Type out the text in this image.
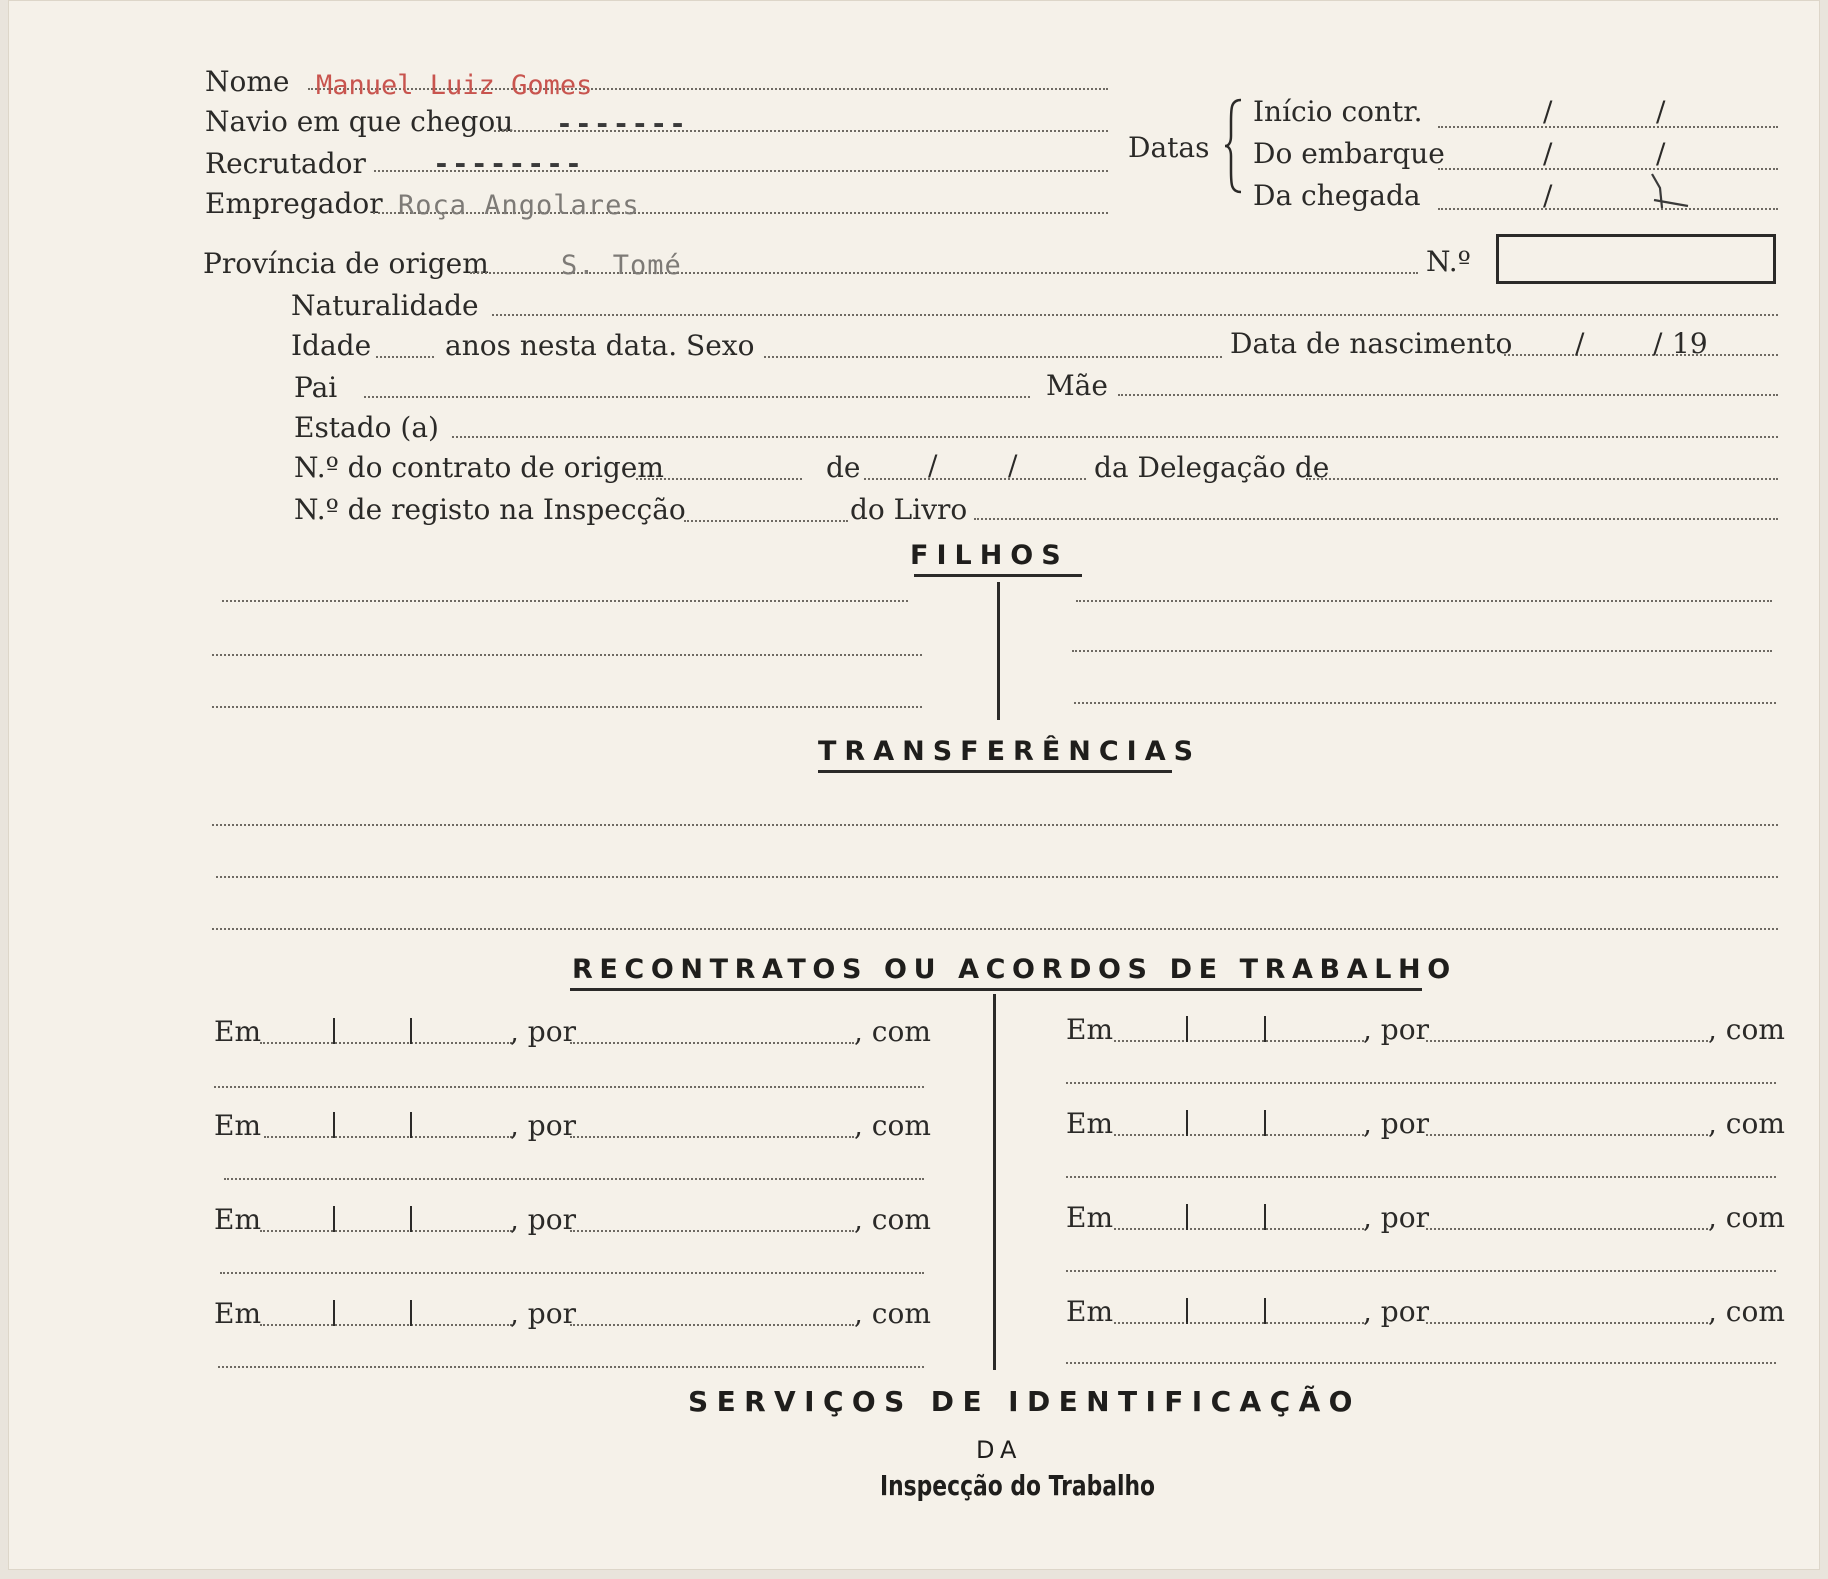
Nome Manuel Luiz Gomes
Navio em que chegou -------
Recrutador --------
Empregador Roça Angolares
Datas
Início contr.	/	/
Do embarque	/	/
Da chegada	/
Província de origem	S. Tomé	N.º
Naturalidade
Idade	anos nesta data. Sexo	Data de nascimento / / 19
Pai	Mãe
Estado (a)
N.º do contrato de origem	de /	/	da Delegação de
N.º de registo na Inspecção	do Livro
FILHOS
TRANSFERÊNCIAS
RECONTRATOS OU ACORDOS DE TRABALHO
Em	, por	, com
Em	, por	, com
Em	, por	, com
Em	, por	, com
Em	, por	, com
Em	, por	, com
Em	, por	, com
Em	, por	, com
SERVIÇOS DE IDENTIFICAÇÃO
DA
Inspecção do Trabalho
